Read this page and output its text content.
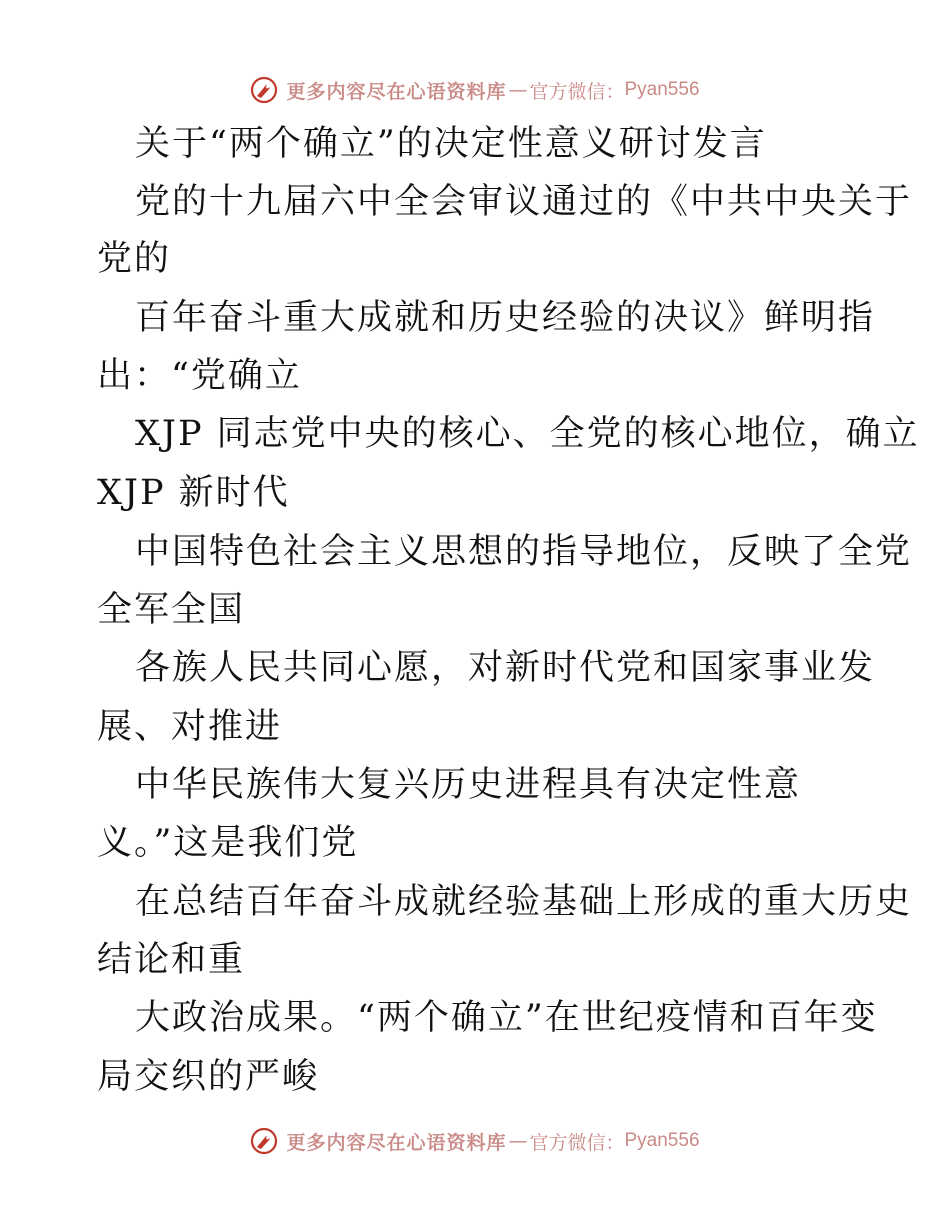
更多内容尽在心语资料库 — 官方微信： Pyan556
关于“两个确立”的决定性意义研讨发言
党的十九届六中全会审议通过的《中共中央关于
党的
百年奋斗重大成就和历史经验的决议》鲜明指
出：“党确立
XJP 同志党中央的核心、全党的核心地位，确立
XJP 新时代
中国特色社会主义思想的指导地位，反映了全党
全军全国
各族人民共同心愿，对新时代党和国家事业发
展、对推进
中华民族伟大复兴历史进程具有决定性意
义。”这是我们党
在总结百年奋斗成就经验基础上形成的重大历史
结论和重
大政治成果。“两个确立”在世纪疫情和百年变
局交织的严峻
更多内容尽在心语资料库 — 官方微信： Pyan556
